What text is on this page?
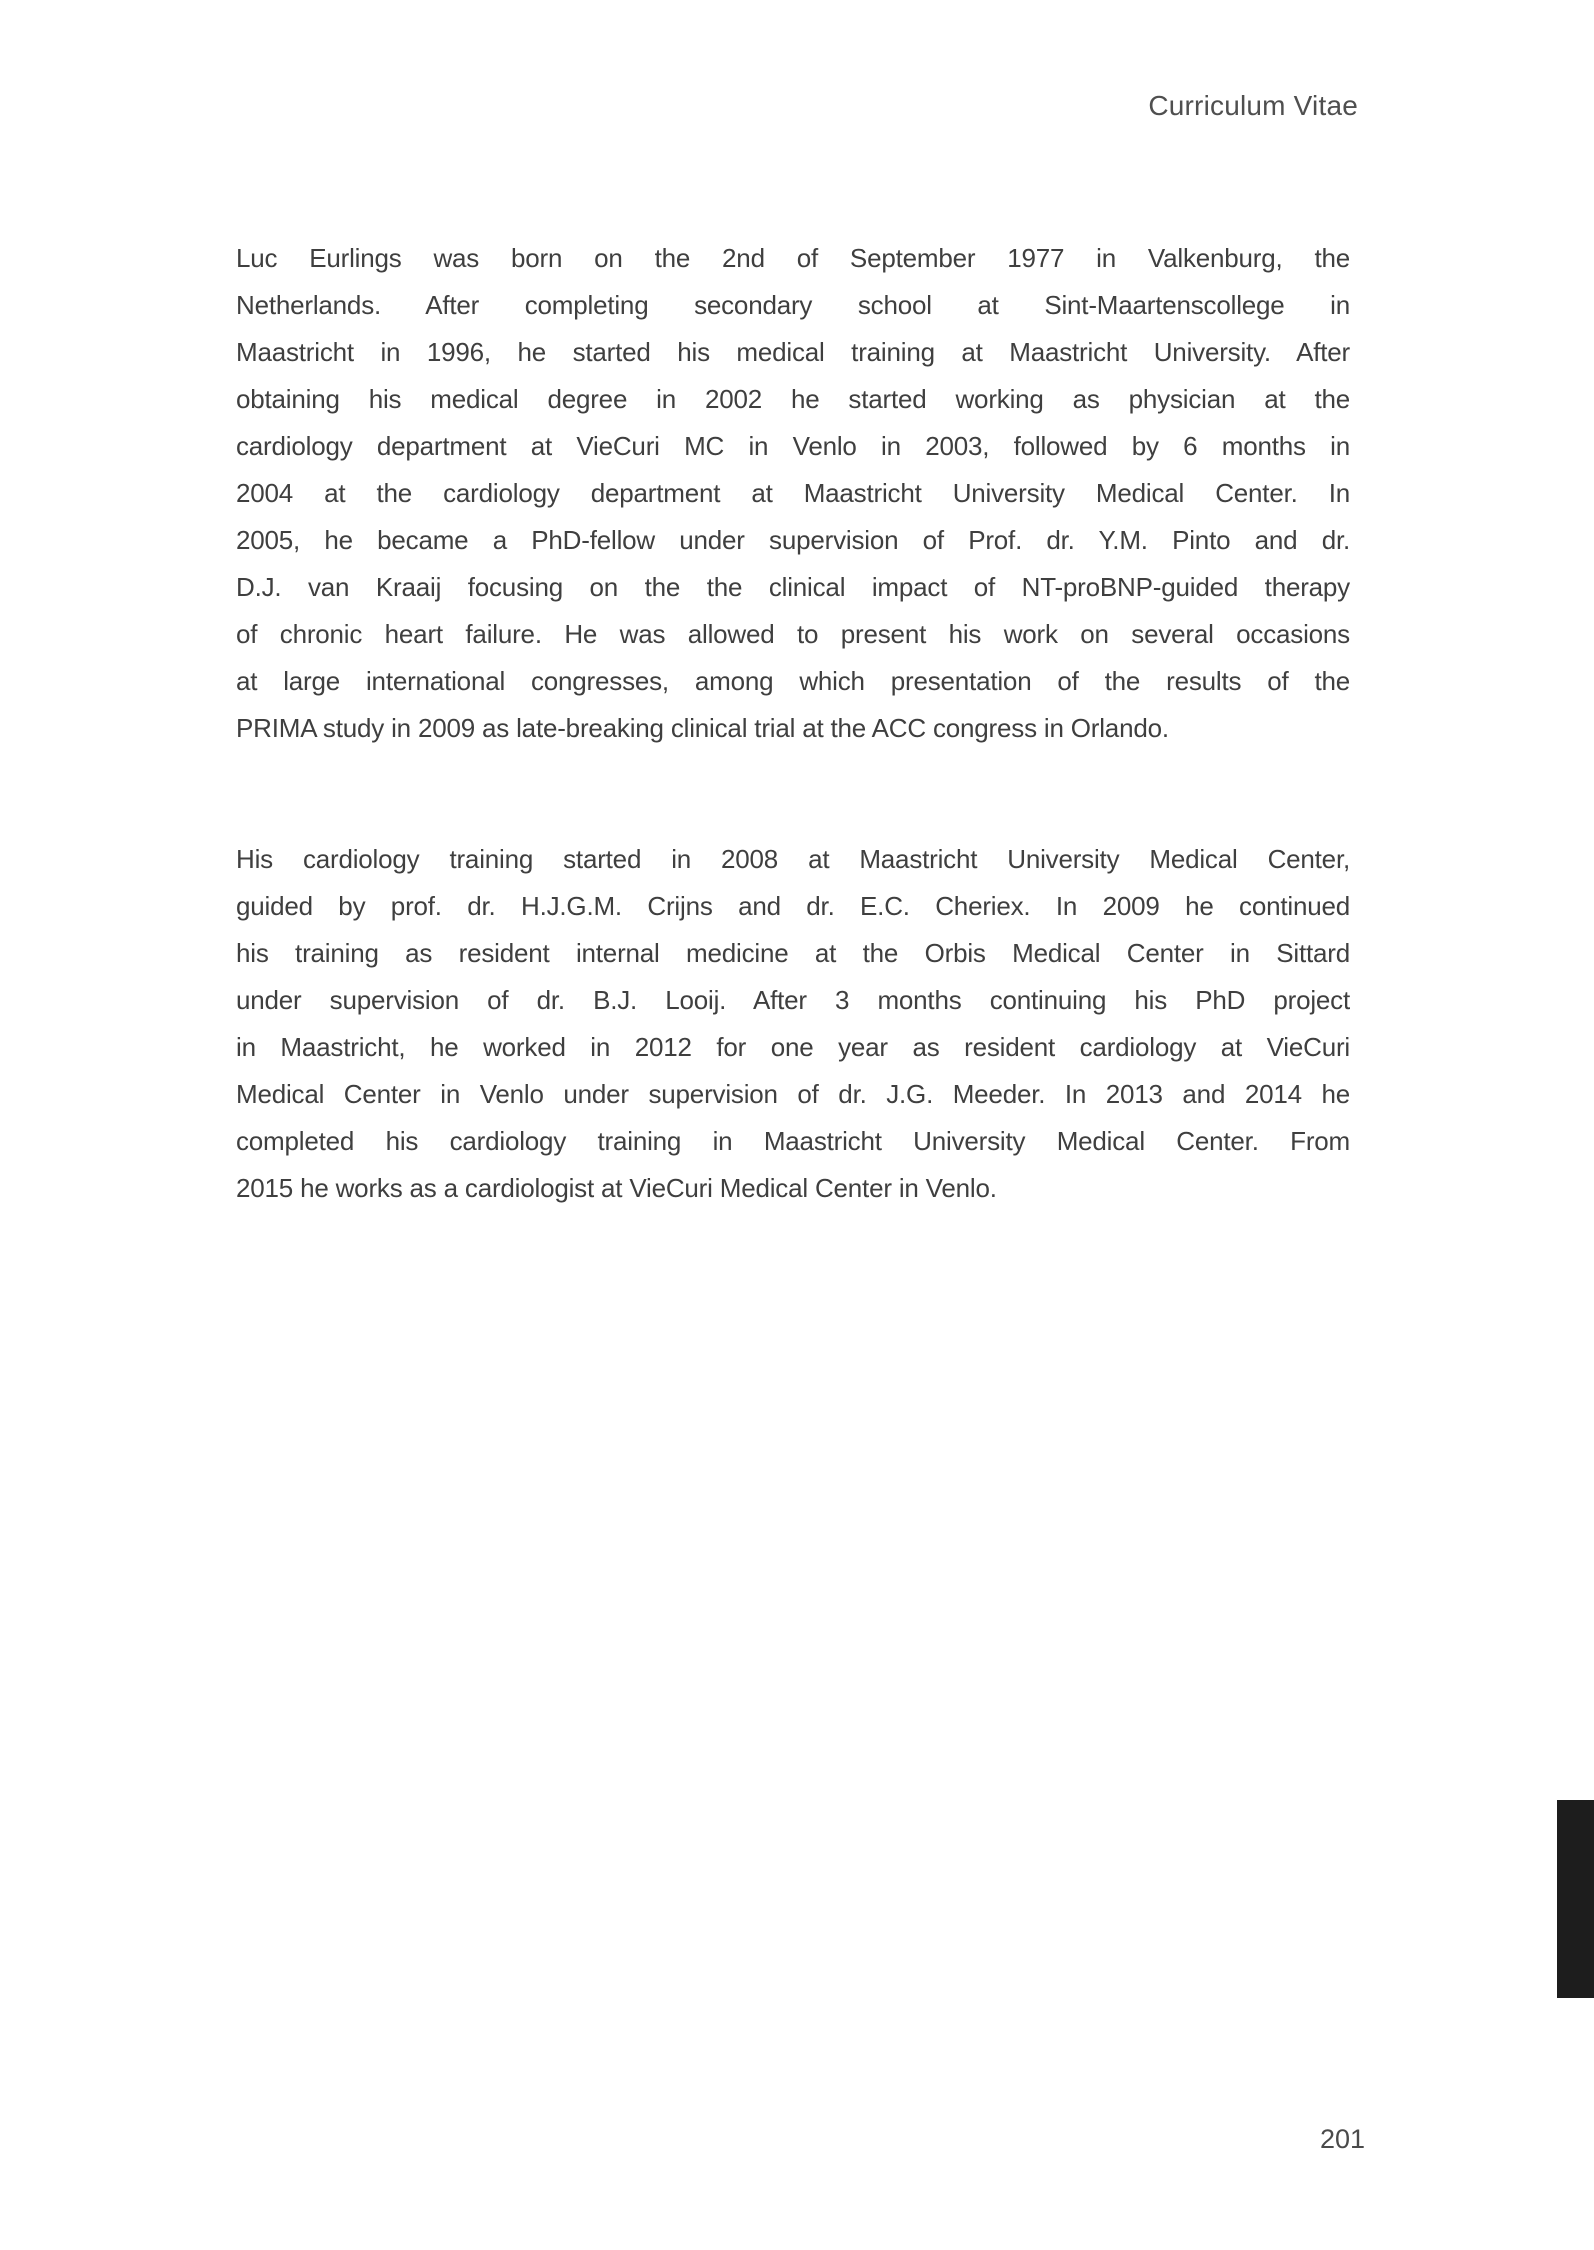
Curriculum Vitae
Luc Eurlings was born on the 2nd of September 1977 in Valkenburg, the
Netherlands. After completing secondary school at Sint-Maartenscollege in
Maastricht in 1996, he started his medical training at Maastricht University. After
obtaining his medical degree in 2002 he started working as physician at the
cardiology department at VieCuri MC in Venlo in 2003, followed by 6 months in
2004 at the cardiology department at Maastricht University Medical Center. In
2005, he became a PhD-fellow under supervision of Prof. dr. Y.M. Pinto and dr.
D.J. van Kraaij focusing on the the clinical impact of NT-proBNP-guided therapy
of chronic heart failure. He was allowed to present his work on several occasions
at large international congresses, among which presentation of the results of the
PRIMA study in 2009 as late-breaking clinical trial at the ACC congress in Orlando.
His cardiology training started in 2008 at Maastricht University Medical Center,
guided by prof. dr. H.J.G.M. Crijns and dr. E.C. Cheriex. In 2009 he continued
his training as resident internal medicine at the Orbis Medical Center in Sittard
under supervision of dr. B.J. Looij. After 3 months continuing his PhD project
in Maastricht, he worked in 2012 for one year as resident cardiology at VieCuri
Medical Center in Venlo under supervision of dr. J.G. Meeder. In 2013 and 2014 he
completed his cardiology training in Maastricht University Medical Center. From
2015 he works as a cardiologist at VieCuri Medical Center in Venlo.
201
